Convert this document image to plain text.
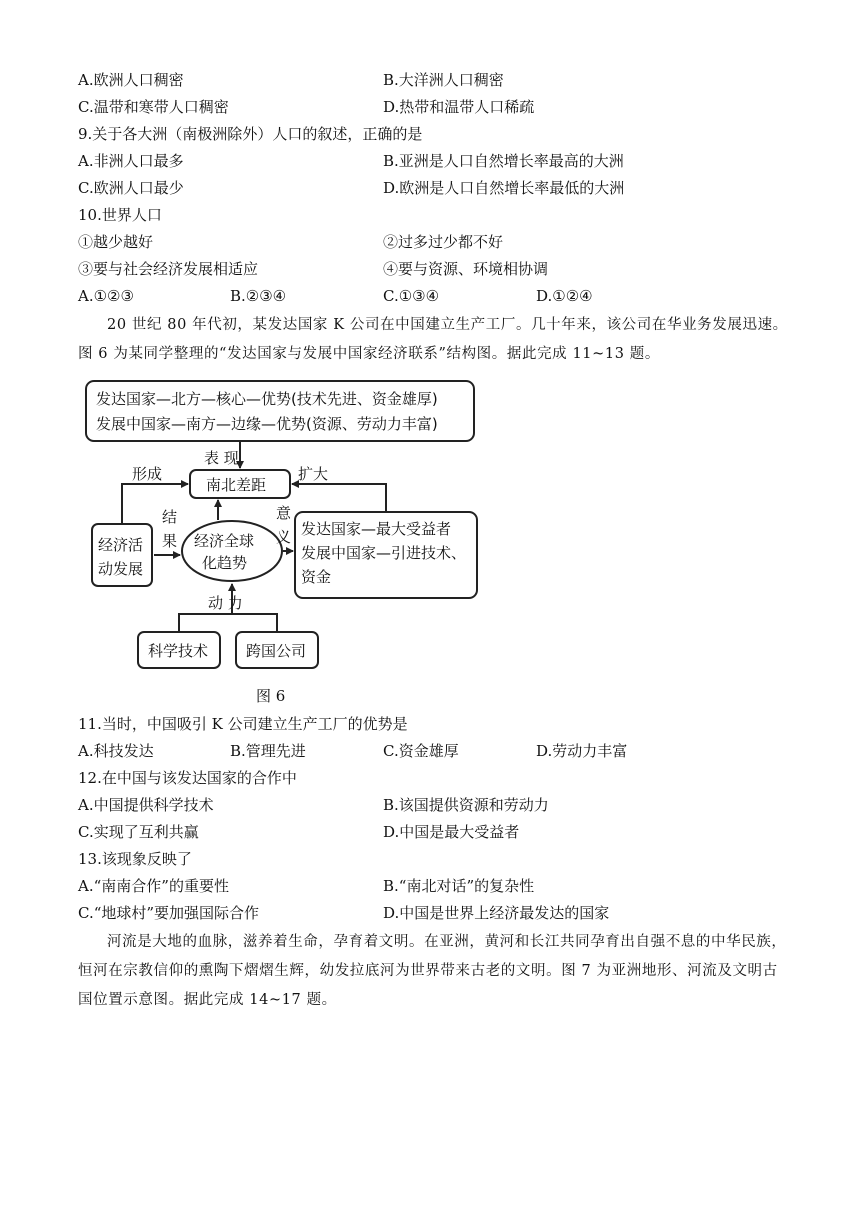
A.欧洲人口稠密	B.大洋洲人口稠密
C.温带和寒带人口稠密	D.热带和温带人口稀疏
9.关于各大洲（南极洲除外）人口的叙述，正确的是
A.非洲人口最多	B.亚洲是人口自然增长率最高的大洲
C.欧洲人口最少	D.欧洲是人口自然增长率最低的大洲
10.世界人口
①越少越好	②过多过少都不好
③要与社会经济发展相适应	④要与资源、环境相协调
A.①②③	B.②③④	C.①③④	D.①②④
20 世纪 80 年代初，某发达国家 K 公司在中国建立生产工厂。几十年来，该公司在华业务发展迅速。图 6 为某同学整理的“发达国家与发展中国家经济联系”结构图。据此完成 11~13 题。
发达国家—北方—核心—优势(技术先进、资金雄厚)
发展中国家—南方—边缘—优势(资源、劳动力丰富)
表 现
形成	扩大
南北差距
结
果
意
义
经济活
动发展
经济全球
化趋势
发达国家—最大受益者
发展中国家—引进技术、
资金
动 力
科学技术	跨国公司
图 6
11.当时，中国吸引 K 公司建立生产工厂的优势是
A.科技发达	B.管理先进	C.资金雄厚	D.劳动力丰富
12.在中国与该发达国家的合作中
A.中国提供科学技术	B.该国提供资源和劳动力
C.实现了互利共赢	D.中国是最大受益者
13.该现象反映了
A.“南南合作”的重要性	B.“南北对话”的复杂性
C.“地球村”要加强国际合作	D.中国是世界上经济最发达的国家
河流是大地的血脉，滋养着生命，孕育着文明。在亚洲，黄河和长江共同孕育出自强不息的中华民族，恒河在宗教信仰的熏陶下熠熠生辉，幼发拉底河为世界带来古老的文明。图 7 为亚洲地形、河流及文明古国位置示意图。据此完成 14~17 题。
